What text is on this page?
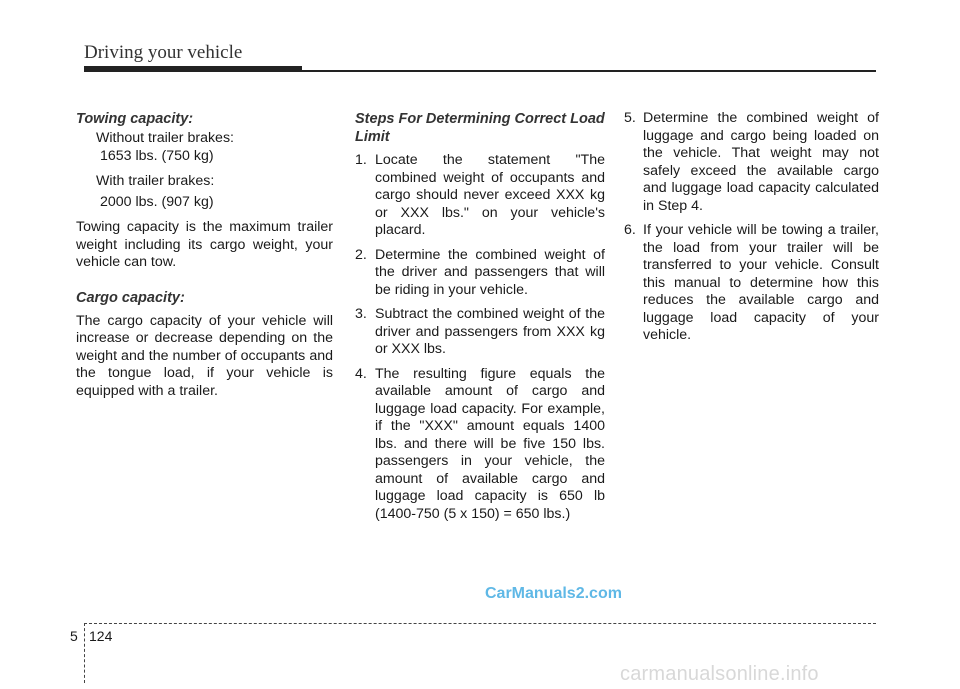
Driving your vehicle
Towing capacity:

Without trailer brakes:

1653 lbs. (750 kg)

With trailer brakes:

2000 lbs. (907 kg)

Towing capacity is the maximum trailer weight including its cargo weight, your vehicle can tow.

Cargo capacity:

The cargo capacity of your vehicle will increase or decrease depending on the weight and the number of occupants and the tongue load, if your vehicle is equipped with a trailer.

Steps For Determining Correct Load Limit
1. Locate the statement "The combined weight of occupants and cargo should never exceed XXX kg or XXX lbs." on your vehicle's placard.
2. Determine the combined weight of the driver and passengers that will be riding in your vehicle.
3. Subtract the combined weight of the driver and passengers from XXX kg or XXX lbs.
4. The resulting figure equals the available amount of cargo and luggage load capacity. For example, if the "XXX" amount equals 1400 lbs. and there will be five 150 lbs. passengers in your vehicle, the amount of available cargo and luggage load capacity is 650 lb (1400-750 (5 x 150) = 650 lbs.)
5. Determine the combined weight of luggage and cargo being loaded on the vehicle. That weight may not safely exceed the available cargo and luggage load capacity calculated in Step 4.
6. If your vehicle will be towing a trailer, the load from your trailer will be transferred to your vehicle. Consult this manual to determine how this reduces the available cargo and luggage load capacity of your vehicle.
CarManuals2.com
5 124
carmanualsonline.info
